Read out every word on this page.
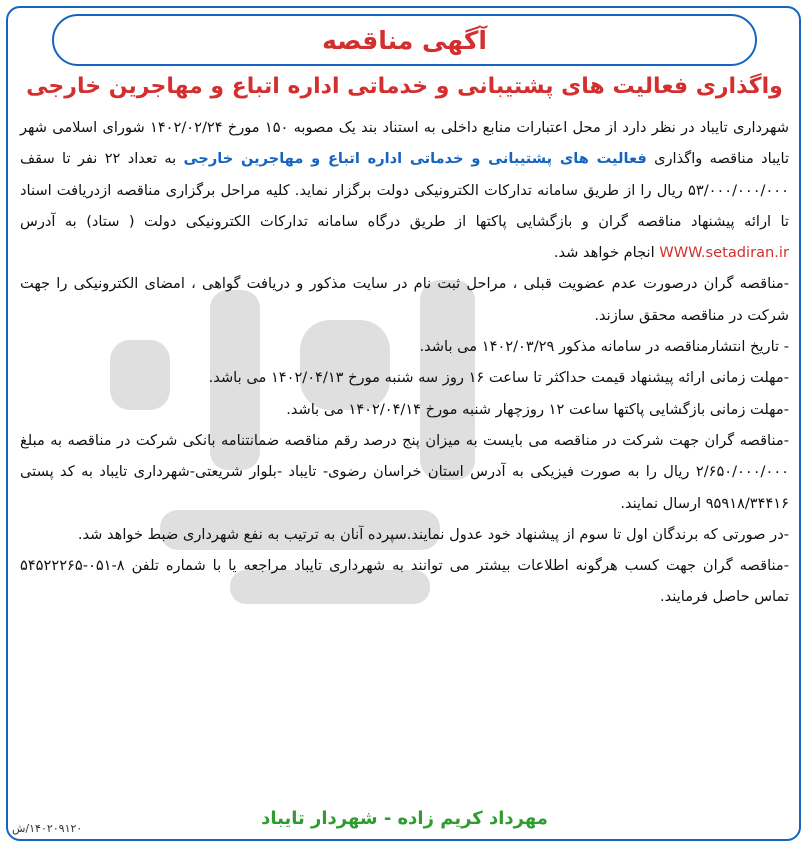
آگهی مناقصه
واگذاری فعالیت های پشتیبانی و خدماتی اداره اتباع و مهاجرین خارجی

شهرداری تایباد در نظر دارد از محل اعتبارات منابع داخلی به استناد بند یک مصوبه ۱۵۰ مورخ ۱۴۰۲/۰۲/۲۴ شورای اسلامی شهر تایباد مناقصه واگذاری فعالیت های پشتیبانی و خدماتی اداره اتباع و مهاجرین خارجی به تعداد ۲۲ نفر تا سقف ۵۳/۰۰۰/۰۰۰/۰۰۰ ریال را از طریق سامانه تدارکات الکترونیکی دولت برگزار نماید. کلیه مراحل برگزاری مناقصه ازدریافت اسناد تا ارائه پیشنهاد مناقصه گران و بازگشایی پاکتها از طریق درگاه سامانه تدارکات الکترونیکی دولت ( ستاد) به آدرس WWW.setadiran.ir انجام خواهد شد.

-مناقصه گران درصورت عدم عضویت قبلی ، مراحل ثبت نام در سایت مذکور و دریافت گواهی ، امضای الکترونیکی را جهت شرکت در مناقصه محقق سازند.

- تاریخ انتشارمناقصه در سامانه مذکور ۱۴۰۲/۰۳/۲۹ می باشد.

-مهلت زمانی ارائه پیشنهاد قیمت حداکثر تا ساعت ۱۶ روز سه شنبه مورخ ۱۴۰۲/۰۴/۱۳ می باشد.

-مهلت زمانی بازگشایی پاکتها ساعت ۱۲ روزچهار شنبه مورخ ۱۴۰۲/۰۴/۱۴ می باشد.

-مناقصه گران جهت شرکت در مناقصه می بایست به میزان پنج درصد رقم مناقصه ضمانتنامه بانکی شرکت در مناقصه به مبلغ ۲/۶۵۰/۰۰۰/۰۰۰ ریال را به صورت فیزیکی به آدرس استان خراسان رضوی- تایباد -بلوار شریعتی-شهرداری تایباد به کد پستی ۹۵۹۱۸/۳۴۴۱۶ ارسال نمایند.

-در صورتی که برندگان اول تا سوم از پیشنهاد خود عدول نمایند.سپرده آنان به ترتیب به نفع شهرداری ضبط خواهد شد.

-مناقصه گران جهت کسب هرگونه اطلاعات بیشتر می توانند به شهرداری تایباد مراجعه یا با شماره تلفن ۸-۰۵۱-۵۴۵۲۲۲۶۵ تماس حاصل فرمایند.

مهرداد کریم زاده - شهردار تایباد
۱۴۰۲۰۹۱۲۰/ش
